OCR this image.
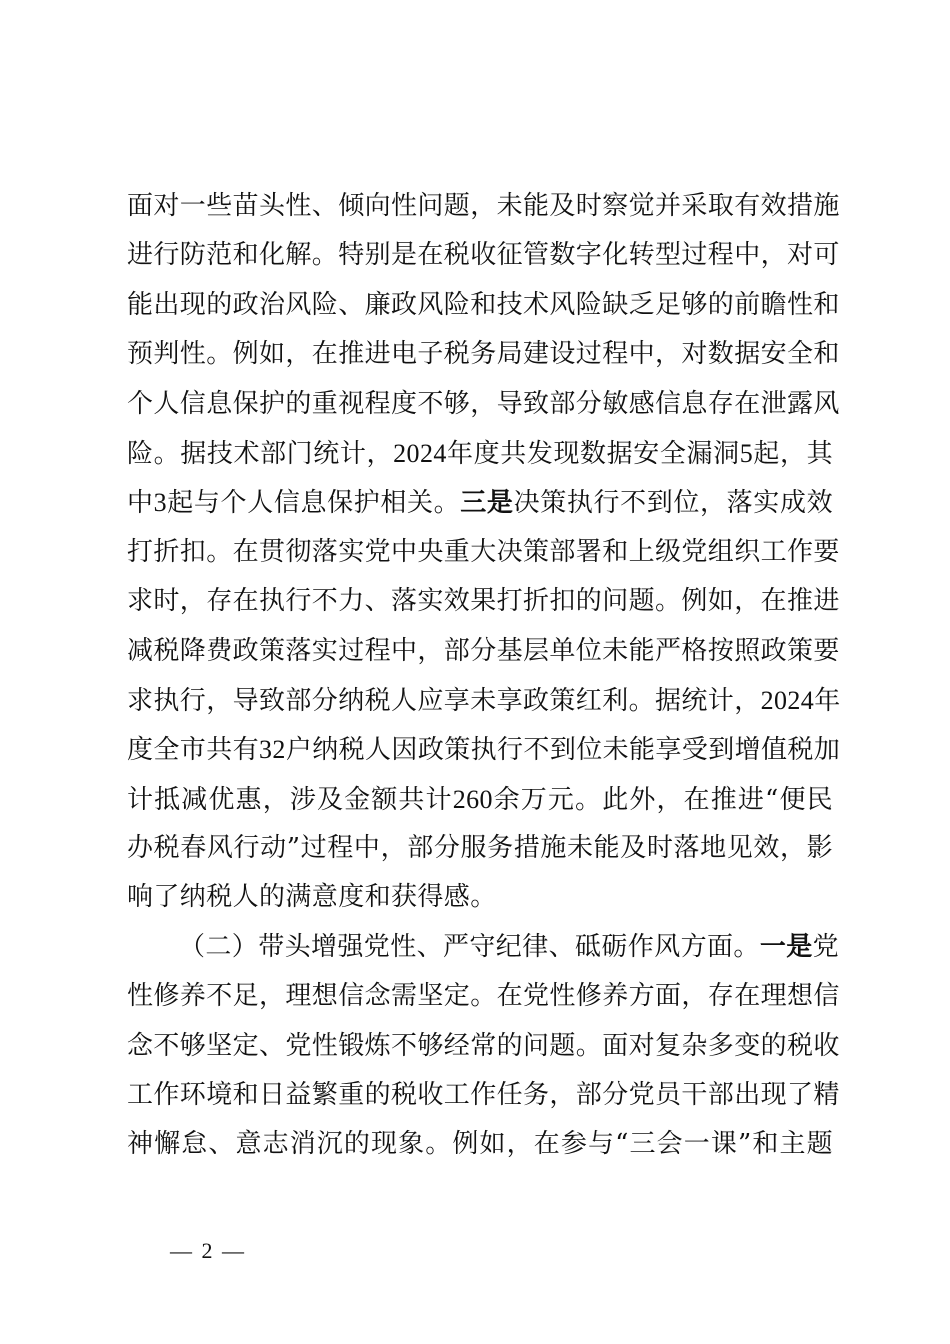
面对一些苗头性、倾向性问题，未能及时察觉并采取有效措施
进行防范和化解。特别是在税收征管数字化转型过程中，对可
能出现的政治风险、廉政风险和技术风险缺乏足够的前瞻性和
预判性。例如，在推进电子税务局建设过程中，对数据安全和
个人信息保护的重视程度不够，导致部分敏感信息存在泄露风
险。据技术部门统计，2024年度共发现数据安全漏洞5起，其
中3起与个人信息保护相关。三是决策执行不到位，落实成效
打折扣。在贯彻落实党中央重大决策部署和上级党组织工作要
求时，存在执行不力、落实效果打折扣的问题。例如，在推进
减税降费政策落实过程中，部分基层单位未能严格按照政策要
求执行，导致部分纳税人应享未享政策红利。据统计，2024年
度全市共有32户纳税人因政策执行不到位未能享受到增值税加
计抵减优惠，涉及金额共计260余万元。此外，在推进“便民
办税春风行动”过程中，部分服务措施未能及时落地见效，影
响了纳税人的满意度和获得感。
（二）带头增强党性、严守纪律、砥砺作风方面。一是党
性修养不足，理想信念需坚定。在党性修养方面，存在理想信
念不够坚定、党性锻炼不够经常的问题。面对复杂多变的税收
工作环境和日益繁重的税收工作任务，部分党员干部出现了精
神懈怠、意志消沉的现象。例如，在参与“三会一课”和主题
— 2 —
